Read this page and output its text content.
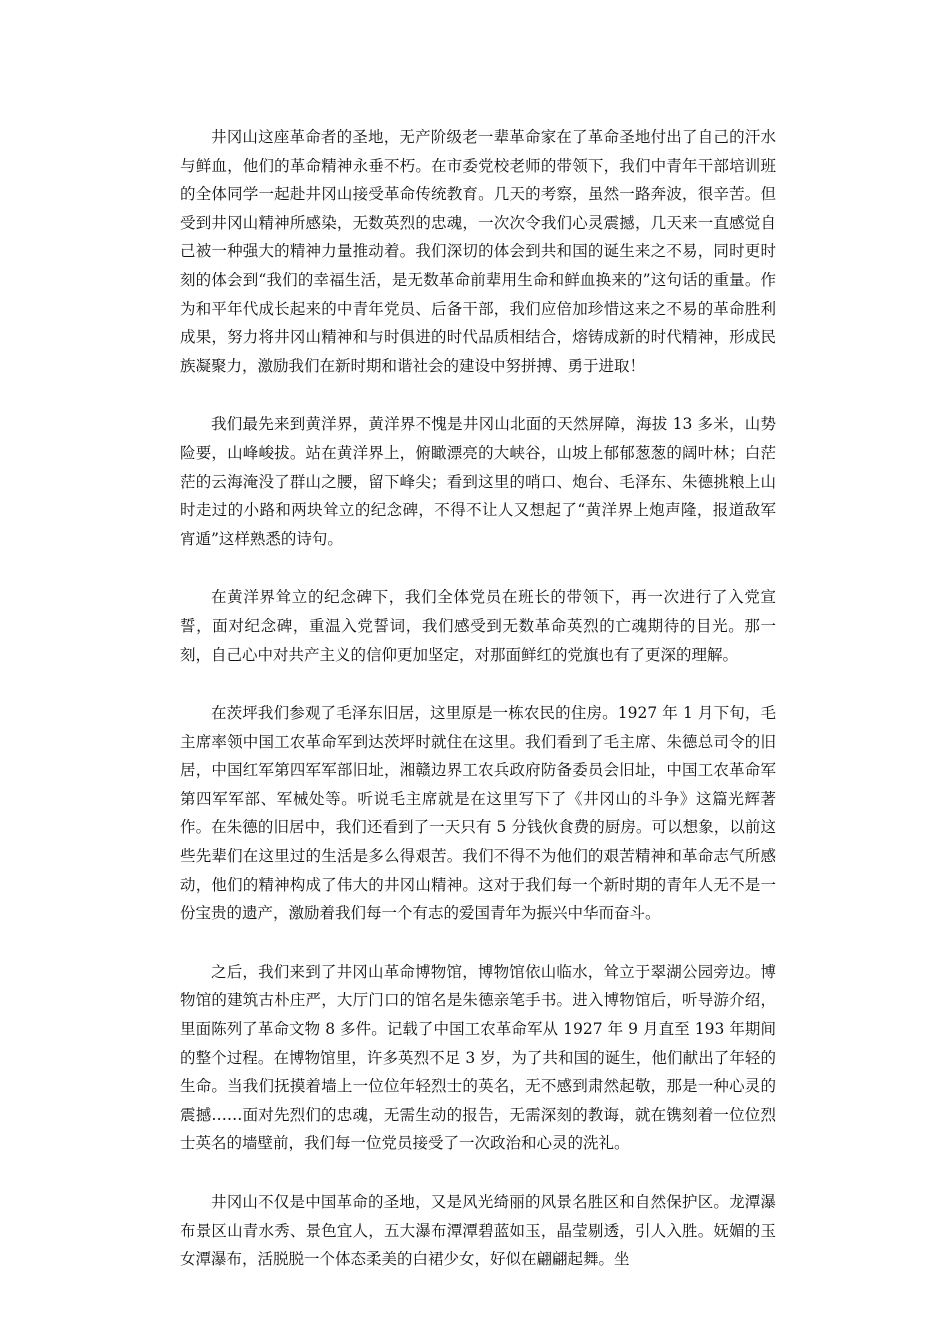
井冈山这座革命者的圣地，无产阶级老一辈革命家在了革命圣地付出了自己的汗水与鲜血，他们的革命精神永垂不朽。在市委党校老师的带领下，我们中青年干部培训班的全体同学一起赴井冈山接受革命传统教育。几天的考察，虽然一路奔波，很辛苦。但受到井冈山精神所感染，无数英烈的忠魂，一次次令我们心灵震撼，几天来一直感觉自己被一种强大的精神力量推动着。我们深切的体会到共和国的诞生来之不易，同时更时刻的体会到“我们的幸福生活，是无数革命前辈用生命和鲜血换来的”这句话的重量。作为和平年代成长起来的中青年党员、后备干部，我们应倍加珍惜这来之不易的革命胜利成果，努力将井冈山精神和与时俱进的时代品质相结合，熔铸成新的时代精神，形成民族凝聚力，激励我们在新时期和谐社会的建设中努拼搏、勇于进取！

我们最先来到黄洋界，黄洋界不愧是井冈山北面的天然屏障，海拔 13 多米，山势险要，山峰峻拔。站在黄洋界上，俯瞰漂亮的大峡谷，山坡上郁郁葱葱的阔叶林；白茫茫的云海淹没了群山之腰，留下峰尖；看到这里的哨口、炮台、毛泽东、朱德挑粮上山时走过的小路和两块耸立的纪念碑，不得不让人又想起了“黄洋界上炮声隆，报道敌军宵遁”这样熟悉的诗句。

在黄洋界耸立的纪念碑下，我们全体党员在班长的带领下，再一次进行了入党宣誓，面对纪念碑，重温入党誓词，我们感受到无数革命英烈的亡魂期待的目光。那一刻，自己心中对共产主义的信仰更加坚定，对那面鲜红的党旗也有了更深的理解。

在茨坪我们参观了毛泽东旧居，这里原是一栋农民的住房。1927 年 1 月下旬，毛主席率领中国工农革命军到达茨坪时就住在这里。我们看到了毛主席、朱德总司令的旧居，中国红军第四军军部旧址，湘赣边界工农兵政府防备委员会旧址，中国工农革命军第四军军部、军械处等。听说毛主席就是在这里写下了《井冈山的斗争》这篇光辉著作。在朱德的旧居中，我们还看到了一天只有 5 分钱伙食费的厨房。可以想象，以前这些先辈们在这里过的生活是多么得艰苦。我们不得不为他们的艰苦精神和革命志气所感动，他们的精神构成了伟大的井冈山精神。这对于我们每一个新时期的青年人无不是一份宝贵的遗产，激励着我们每一个有志的爱国青年为振兴中华而奋斗。

之后，我们来到了井冈山革命博物馆，博物馆依山临水，耸立于翠湖公园旁边。博物馆的建筑古朴庄严，大厅门口的馆名是朱德亲笔手书。进入博物馆后，听导游介绍，里面陈列了革命文物 8 多件。记载了中国工农革命军从 1927 年 9 月直至 193 年期间的整个过程。在博物馆里，许多英烈不足 3 岁，为了共和国的诞生，他们献出了年轻的生命。当我们抚摸着墙上一位位年轻烈士的英名，无不感到肃然起敬，那是一种心灵的震撼……面对先烈们的忠魂，无需生动的报告，无需深刻的教诲，就在镌刻着一位位烈士英名的墙壁前，我们每一位党员接受了一次政治和心灵的洗礼。

井冈山不仅是中国革命的圣地，又是风光绮丽的风景名胜区和自然保护区。龙潭瀑布景区山青水秀、景色宜人，五大瀑布潭潭碧蓝如玉，晶莹剔透，引人入胜。妩媚的玉女潭瀑布，活脱脱一个体态柔美的白裙少女，好似在翩翩起舞。坐
